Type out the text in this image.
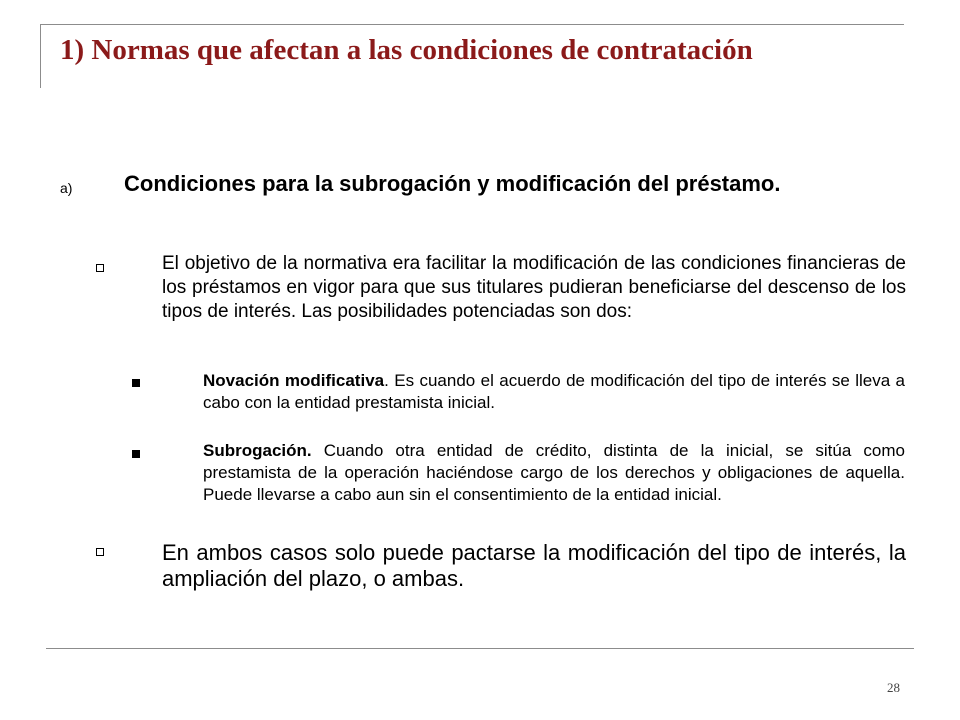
1) Normas que afectan a las condiciones de contratación
a) Condiciones para la subrogación y modificación del préstamo.

El objetivo de la normativa era facilitar la modificación de las condiciones financieras de los préstamos en vigor para que sus titulares pudieran beneficiarse del descenso de los tipos de interés. Las posibilidades potenciadas son dos:

Novación modificativa. Es cuando el acuerdo de modificación del tipo de interés se lleva a cabo con la entidad prestamista inicial.

Subrogación. Cuando otra entidad de crédito, distinta de la inicial, se sitúa como prestamista de la operación haciéndose cargo de los derechos y obligaciones de aquella. Puede llevarse a cabo aun sin el consentimiento de la entidad inicial.

En ambos casos solo puede pactarse la modificación del tipo de interés, la ampliación del plazo, o ambas.

28
